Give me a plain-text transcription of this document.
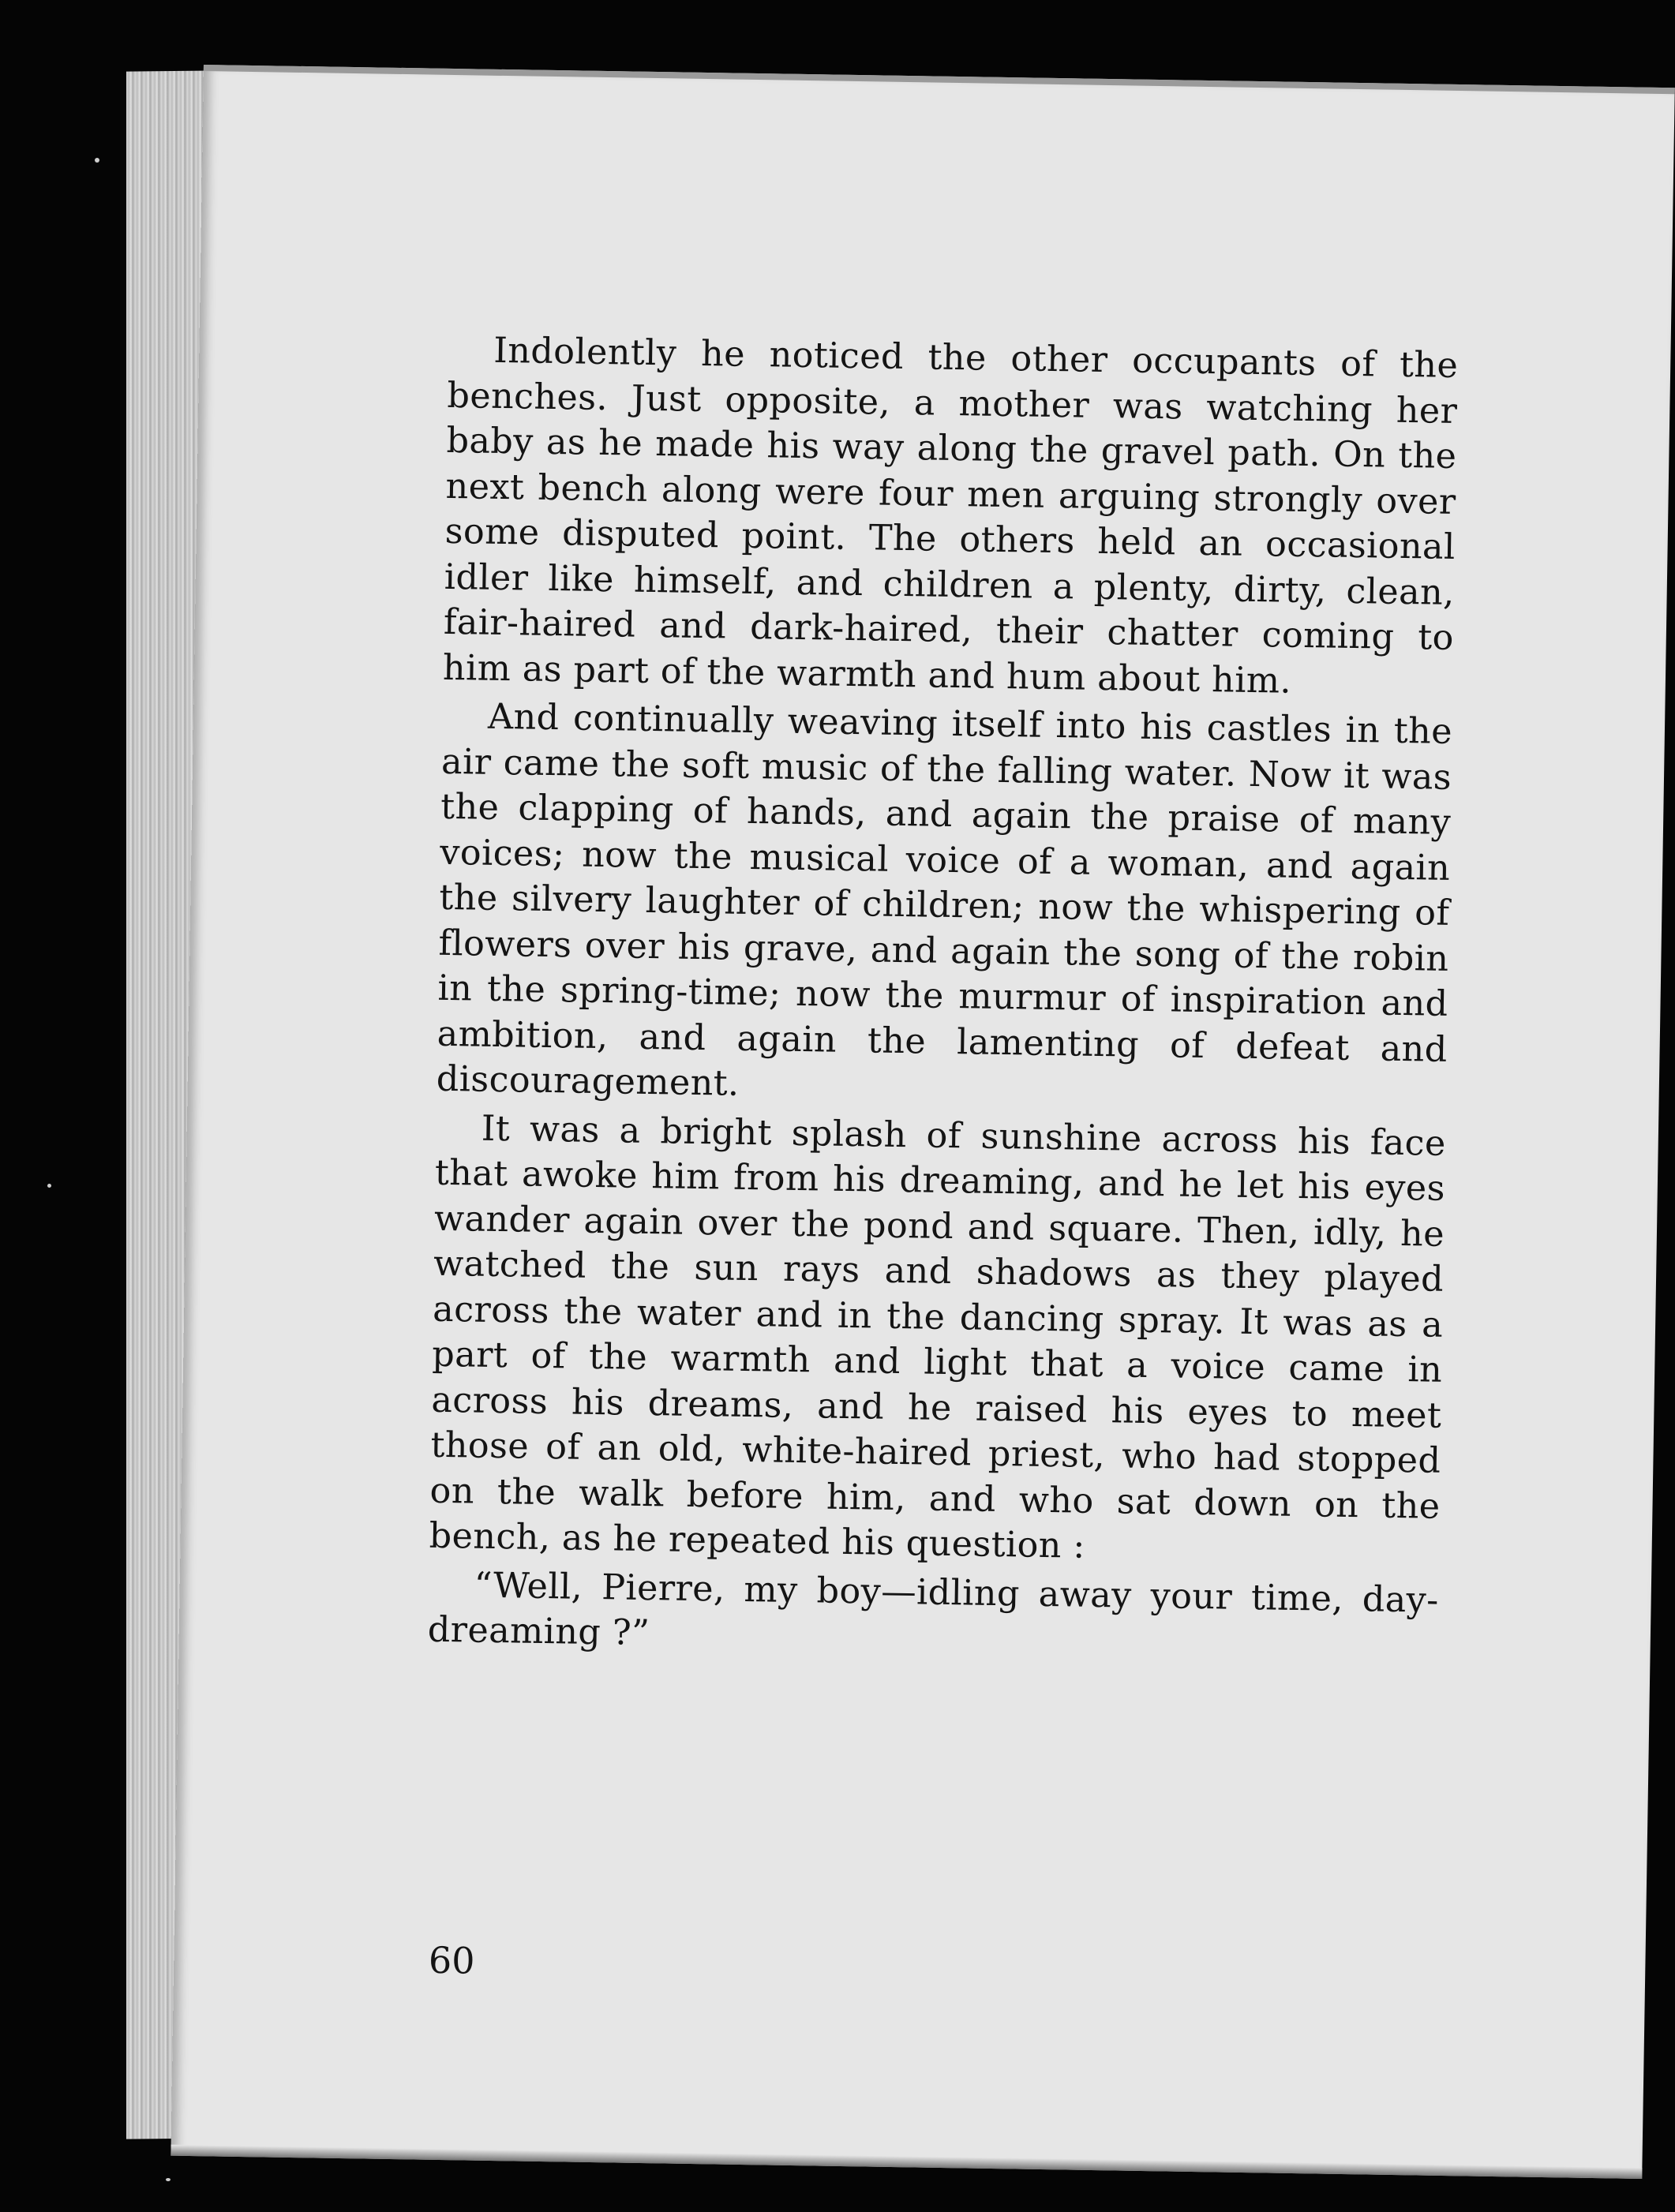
Indolently he noticed the other occupants of the benches. Just opposite, a mother was watching her baby as he made his way along the gravel path. On the next bench along were four men arguing strongly over some disputed point. The others held an occasional idler like himself, and children a plenty, dirty, clean, fair-haired and dark-haired, their chatter coming to him as part of the warmth and hum about him.

And continually weaving itself into his castles in the air came the soft music of the falling water. Now it was the clapping of hands, and again the praise of many voices; now the musical voice of a woman, and again the silvery laughter of children; now the whispering of flowers over his grave, and again the song of the robin in the spring-time; now the murmur of inspiration and ambition, and again the lamenting of defeat and discouragement.

It was a bright splash of sunshine across his face that awoke him from his dreaming, and he let his eyes wander again over the pond and square. Then, idly, he watched the sun rays and shadows as they played across the water and in the dancing spray. It was as a part of the warmth and light that a voice came in across his dreams, and he raised his eyes to meet those of an old, white-haired priest, who had stopped on the walk before him, and who sat down on the bench, as he repeated his question :

“Well, Pierre, my boy—idling away your time, day-dreaming ?”

60
